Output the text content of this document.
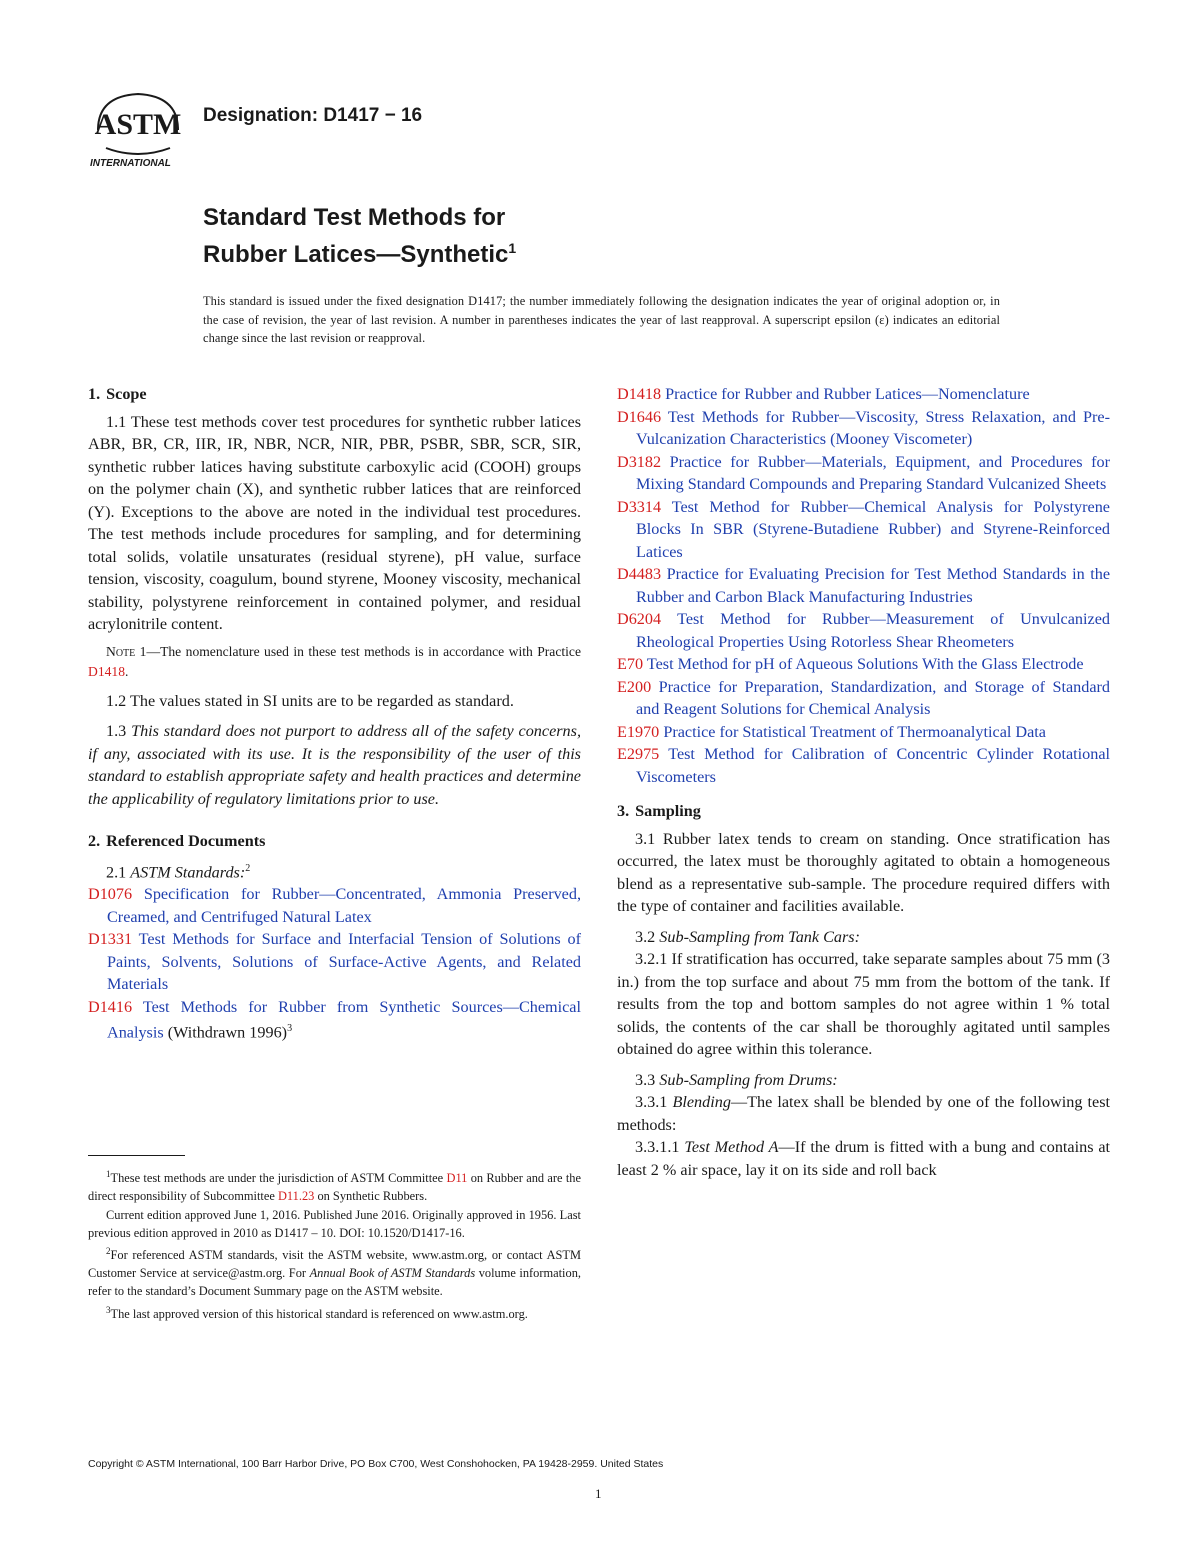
ASTM
INTERNATIONAL
Designation: D1417 − 16
Standard Test Methods for
Rubber Latices—Synthetic$^1$
This standard is issued under the fixed designation D1417; the number immediately following the designation indicates the year of original adoption or, in the case of revision, the year of last revision. A number in parentheses indicates the year of last reapproval. A superscript epsilon (ε) indicates an editorial change since the last revision or reapproval.
1. Scope

1.1 These test methods cover test procedures for synthetic rubber latices ABR, BR, CR, IIR, IR, NBR, NCR, NIR, PBR, PSBR, SBR, SCR, SIR, synthetic rubber latices having substitute carboxylic acid (COOH) groups on the polymer chain (X), and synthetic rubber latices that are reinforced (Y). Exceptions to the above are noted in the individual test procedures. The test methods include procedures for sampling, and for determining total solids, volatile unsaturates (residual styrene), pH value, surface tension, viscosity, coagulum, bound styrene, Mooney viscosity, mechanical stability, polystyrene reinforcement in contained polymer, and residual acrylonitrile content.

Note 1—The nomenclature used in these test methods is in accordance with Practice D1418.

1.2 The values stated in SI units are to be regarded as standard.

1.3 This standard does not purport to address all of the safety concerns, if any, associated with its use. It is the responsibility of the user of this standard to establish appropriate safety and health practices and determine the applicability of regulatory limitations prior to use.

2. Referenced Documents

2.1 ASTM Standards:$^2$

D1076 Specification for Rubber—Concentrated, Ammonia Preserved, Creamed, and Centrifuged Natural Latex

D1331 Test Methods for Surface and Interfacial Tension of Solutions of Paints, Solvents, Solutions of Surface-Active Agents, and Related Materials

D1416 Test Methods for Rubber from Synthetic Sources—Chemical Analysis (Withdrawn 1996)$^3$

$^1$These test methods are under the jurisdiction of ASTM Committee D11 on Rubber and are the direct responsibility of Subcommittee D11.23 on Synthetic Rubbers.

Current edition approved June 1, 2016. Published June 2016. Originally approved in 1956. Last previous edition approved in 2010 as D1417 – 10. DOI: 10.1520/D1417-16.

$^2$For referenced ASTM standards, visit the ASTM website, www.astm.org, or contact ASTM Customer Service at service@astm.org. For Annual Book of ASTM Standards volume information, refer to the standard’s Document Summary page on the ASTM website.

$^3$The last approved version of this historical standard is referenced on www.astm.org.

D1418 Practice for Rubber and Rubber Latices—Nomenclature

D1646 Test Methods for Rubber—Viscosity, Stress Relaxation, and Pre-Vulcanization Characteristics (Mooney Viscometer)

D3182 Practice for Rubber—Materials, Equipment, and Procedures for Mixing Standard Compounds and Preparing Standard Vulcanized Sheets

D3314 Test Method for Rubber—Chemical Analysis for Polystyrene Blocks In SBR (Styrene-Butadiene Rubber) and Styrene-Reinforced Latices

D4483 Practice for Evaluating Precision for Test Method Standards in the Rubber and Carbon Black Manufacturing Industries

D6204 Test Method for Rubber—Measurement of Unvulcanized Rheological Properties Using Rotorless Shear Rheometers

E70 Test Method for pH of Aqueous Solutions With the Glass Electrode

E200 Practice for Preparation, Standardization, and Storage of Standard and Reagent Solutions for Chemical Analysis

E1970 Practice for Statistical Treatment of Thermoanalytical Data

E2975 Test Method for Calibration of Concentric Cylinder Rotational Viscometers

3. Sampling

3.1 Rubber latex tends to cream on standing. Once stratification has occurred, the latex must be thoroughly agitated to obtain a homogeneous blend as a representative sub-sample. The procedure required differs with the type of container and facilities available.

3.2 Sub-Sampling from Tank Cars:

3.2.1 If stratification has occurred, take separate samples about 75 mm (3 in.) from the top surface and about 75 mm from the bottom of the tank. If results from the top and bottom samples do not agree within 1 % total solids, the contents of the car shall be thoroughly agitated until samples obtained do agree within this tolerance.

3.3 Sub-Sampling from Drums:

3.3.1 Blending—The latex shall be blended by one of the following test methods:

3.3.1.1 Test Method A—If the drum is fitted with a bung and contains at least 2 % air space, lay it on its side and roll back

Copyright © ASTM International, 100 Barr Harbor Drive, PO Box C700, West Conshohocken, PA 19428-2959. United States
1
